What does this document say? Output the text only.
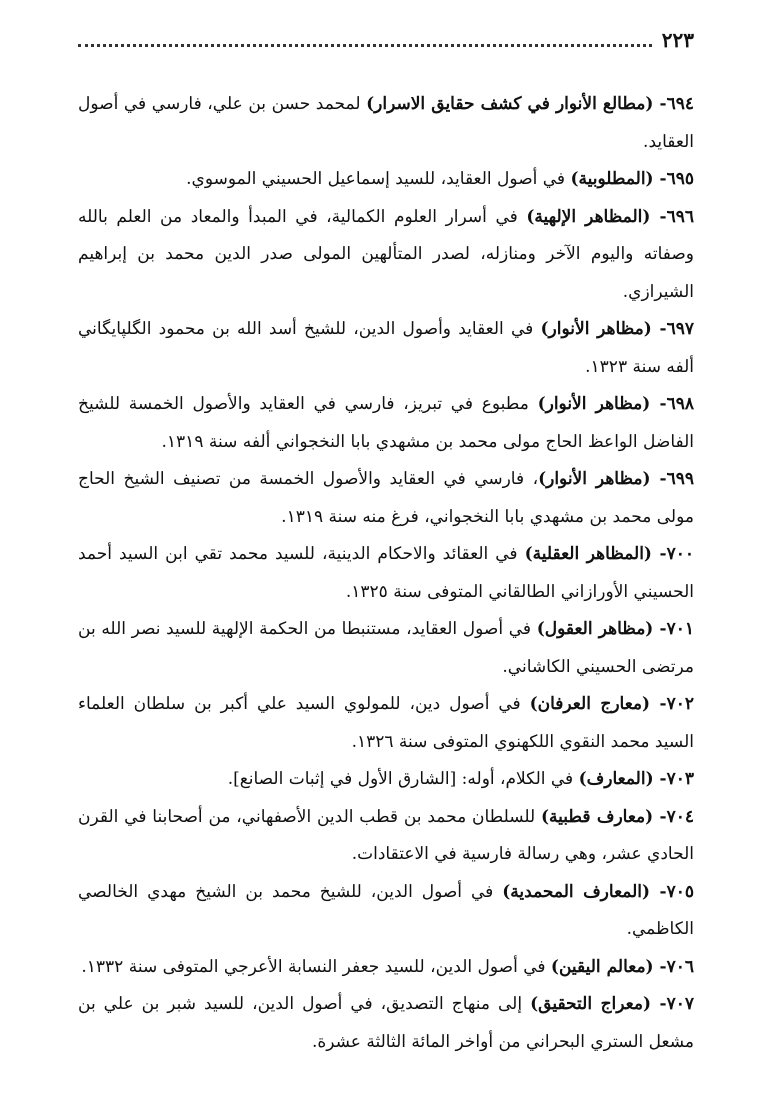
٢٢٣

٦٩٤- (مطالع الأنوار في كشف حقايق الاسرار) لمحمد حسن بن علي، فارسي في أصول العقايد.

٦٩٥- (المطلوبية) في أصول العقايد، للسيد إسماعيل الحسيني الموسوي.

٦٩٦- (المظاهر الإلهية) في أسرار العلوم الكمالية، في المبدأ والمعاد من العلم بالله وصفاته واليوم الآخر ومنازله، لصدر المتألهين المولى صدر الدين محمد بن إبراهيم الشيرازي.

٦٩٧- (مظاهر الأنوار) في العقايد وأصول الدين، للشيخ أسد الله بن محمود الگلپايگاني ألفه سنة ١٣٢٣.

٦٩٨- (مظاهر الأنوار) مطبوع في تبريز، فارسي في العقايد والأصول الخمسة للشيخ الفاضل الواعظ الحاج مولى محمد بن مشهدي بابا النخجواني ألفه سنة ١٣١٩.

٦٩٩- (مظاهر الأنوار)، فارسي في العقايد والأصول الخمسة من تصنيف الشيخ الحاج مولى محمد بن مشهدي بابا النخجواني، فرغ منه سنة ١٣١٩.

٧٠٠- (المظاهر العقلية) في العقائد والاحكام الدينية، للسيد محمد تقي ابن السيد أحمد الحسيني الأورازاني الطالقاني المتوفى سنة ١٣٢٥.

٧٠١- (مظاهر العقول) في أصول العقايد، مستنبطا من الحكمة الإلهية للسيد نصر الله بن مرتضى الحسيني الكاشاني.

٧٠٢- (معارج العرفان) في أصول دين، للمولوي السيد علي أكبر بن سلطان العلماء السيد محمد النقوي اللكهنوي المتوفى سنة ١٣٢٦.

٧٠٣- (المعارف) في الكلام، أوله: [الشارق الأول في إثبات الصانع].

٧٠٤- (معارف قطبية) للسلطان محمد بن قطب الدين الأصفهاني، من أصحابنا في القرن الحادي عشر، وهي رسالة فارسية في الاعتقادات.

٧٠٥- (المعارف المحمدية) في أصول الدين، للشيخ محمد بن الشيخ مهدي الخالصي الكاظمي.

٧٠٦- (معالم اليقين) في أصول الدين، للسيد جعفر النسابة الأعرجي المتوفى سنة ١٣٣٢.

٧٠٧- (معراج التحقيق) إلى منهاج التصديق، في أصول الدين، للسيد شبر بن علي بن مشعل الستري البحراني من أواخر المائة الثالثة عشرة.
